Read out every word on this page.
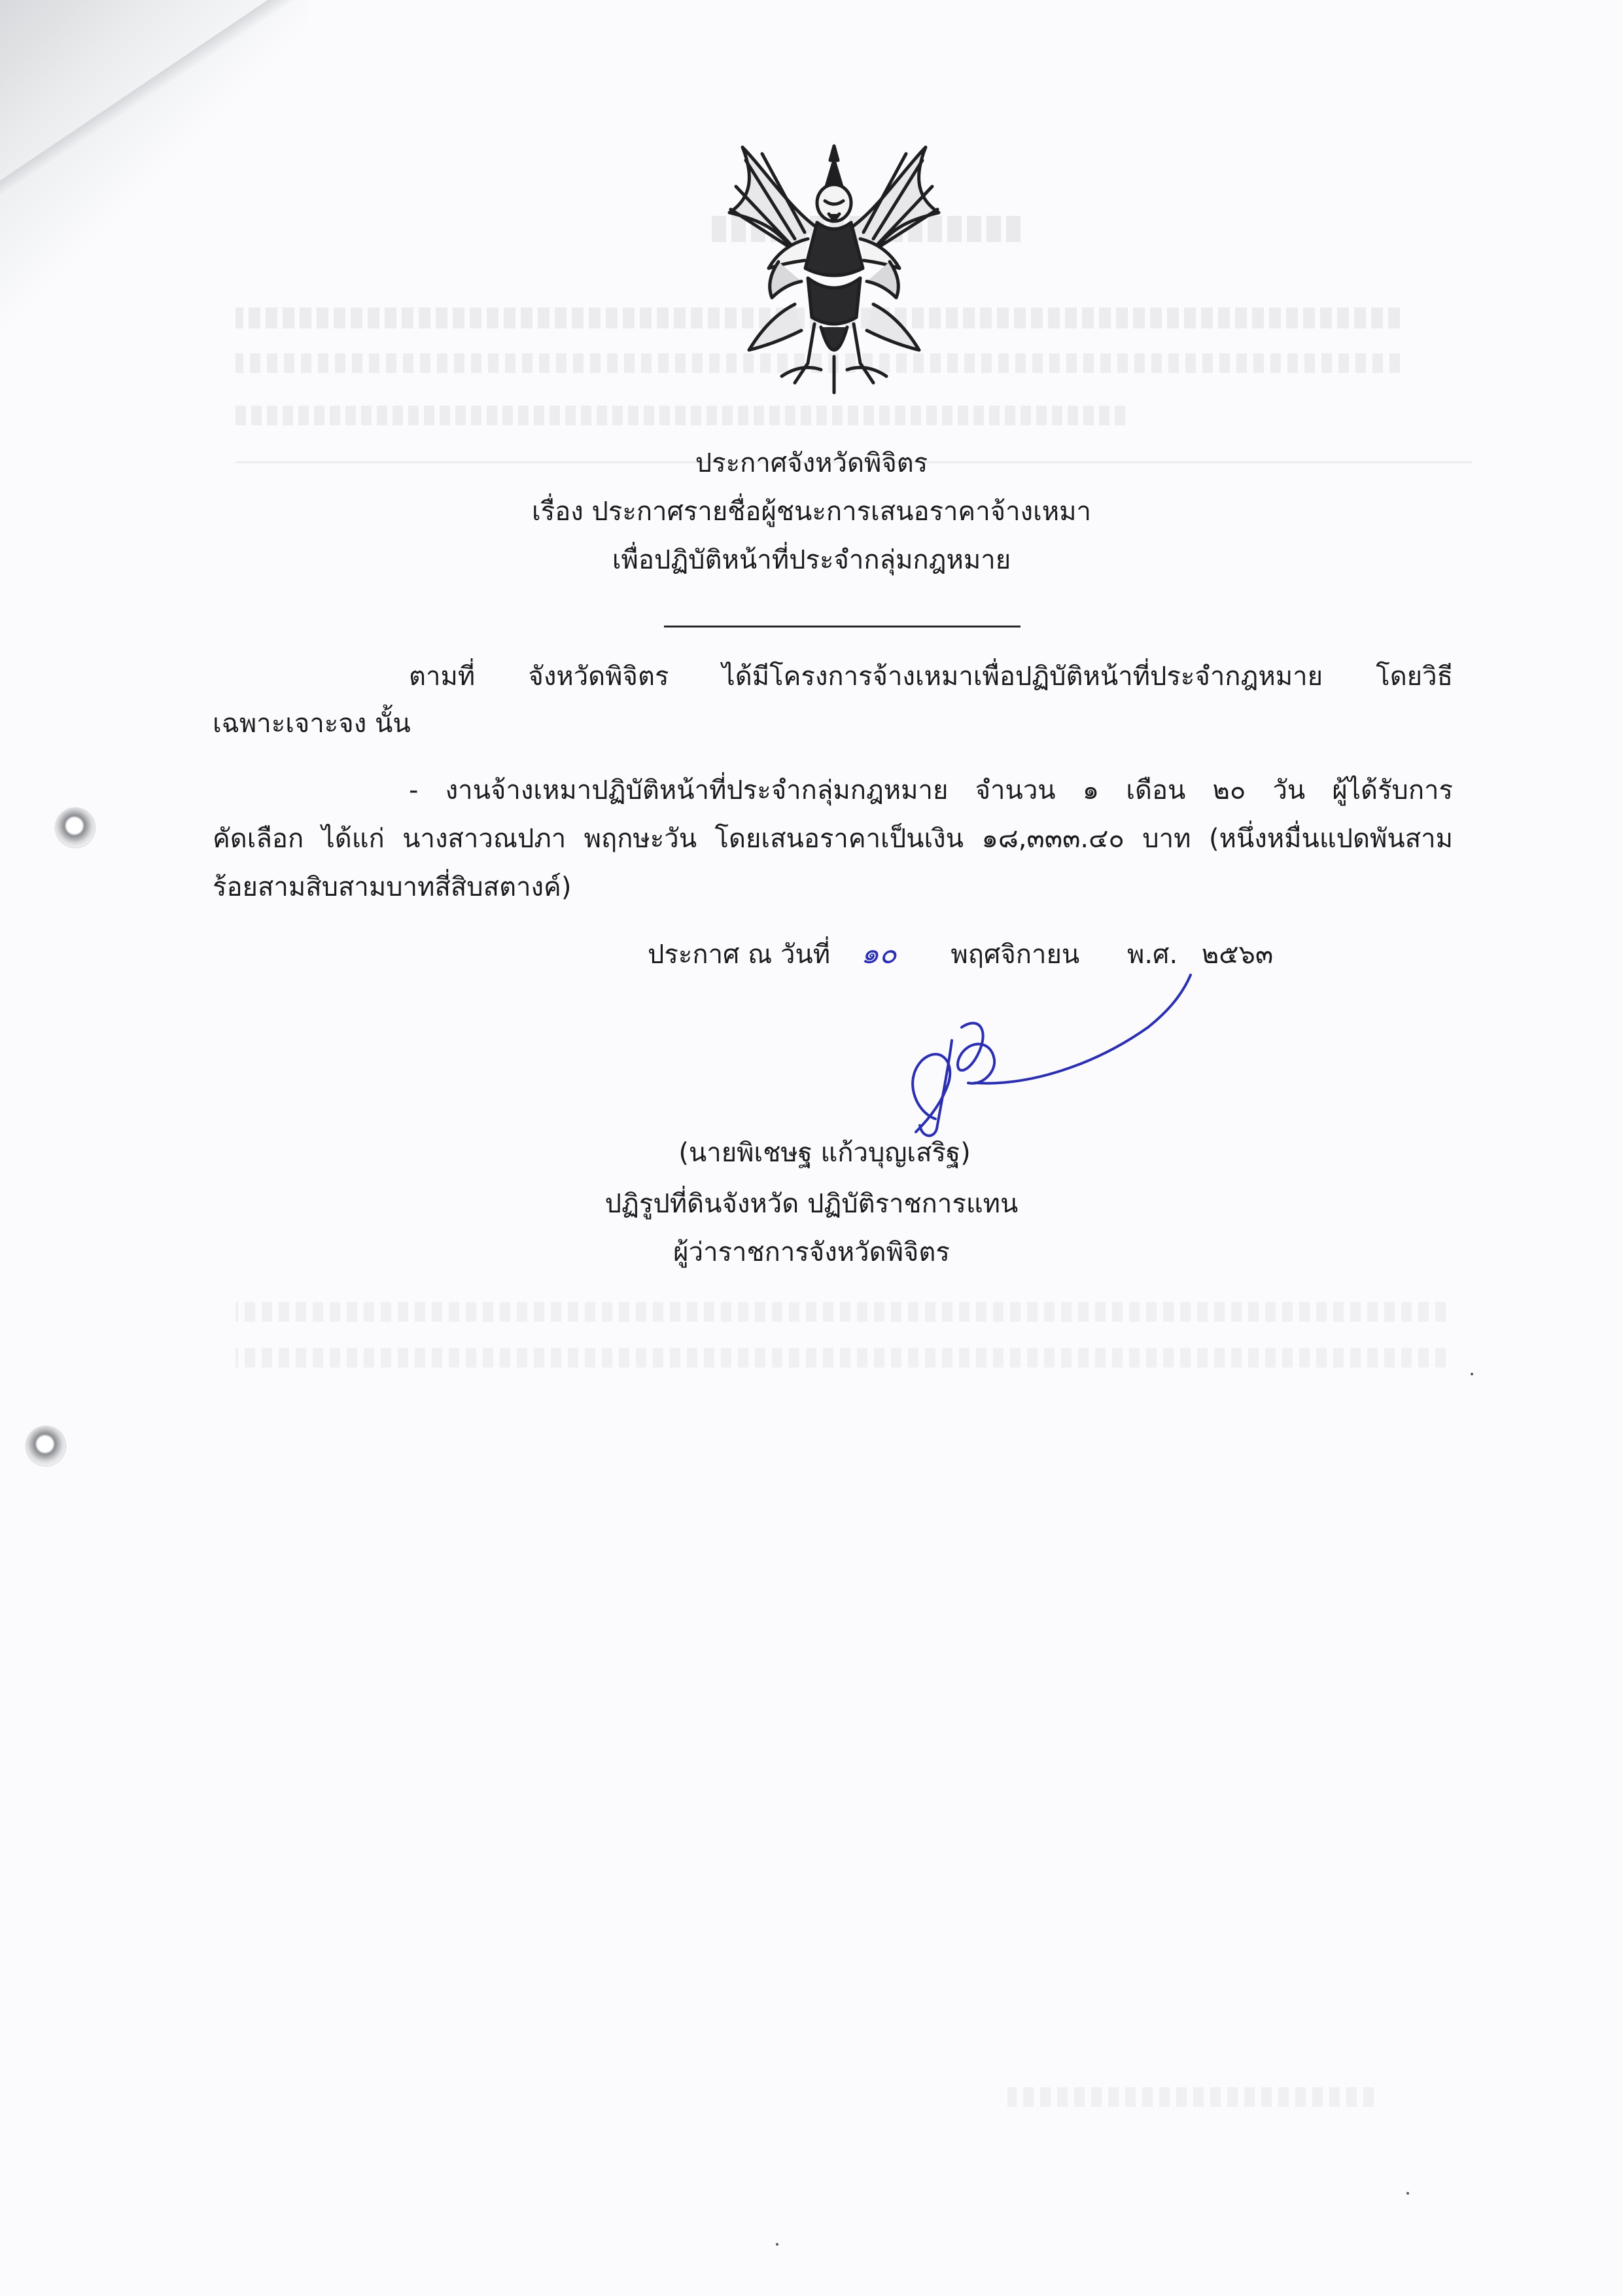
ประกาศจังหวัดพิจิตร
เรื่อง ประกาศรายชื่อผู้ชนะการเสนอราคาจ้างเหมา
เพื่อปฏิบัติหน้าที่ประจำกลุ่มกฎหมาย
ตามที่ จังหวัดพิจิตร ได้มีโครงการจ้างเหมาเพื่อปฏิบัติหน้าที่ประจำกฎหมาย โดยวิธี
เฉพาะเจาะจง นั้น
- งานจ้างเหมาปฏิบัติหน้าที่ประจำกลุ่มกฎหมาย จำนวน ๑ เดือน ๒๐ วัน ผู้ได้รับการ
คัดเลือก ได้แก่ นางสาวณปภา พฤกษะวัน โดยเสนอราคาเป็นเงิน ๑๘,๓๓๓.๔๐ บาท (หนึ่งหมื่นแปดพันสาม
ร้อยสามสิบสามบาทสี่สิบสตางค์)
ประกาศ ณ วันที่ ๑๐ พฤศจิกายน พ.ศ. ๒๕๖๓
(นายพิเชษฐ แก้วบุญเสริฐ)
ปฏิรูปที่ดินจังหวัด ปฏิบัติราชการแทน
ผู้ว่าราชการจังหวัดพิจิตร
